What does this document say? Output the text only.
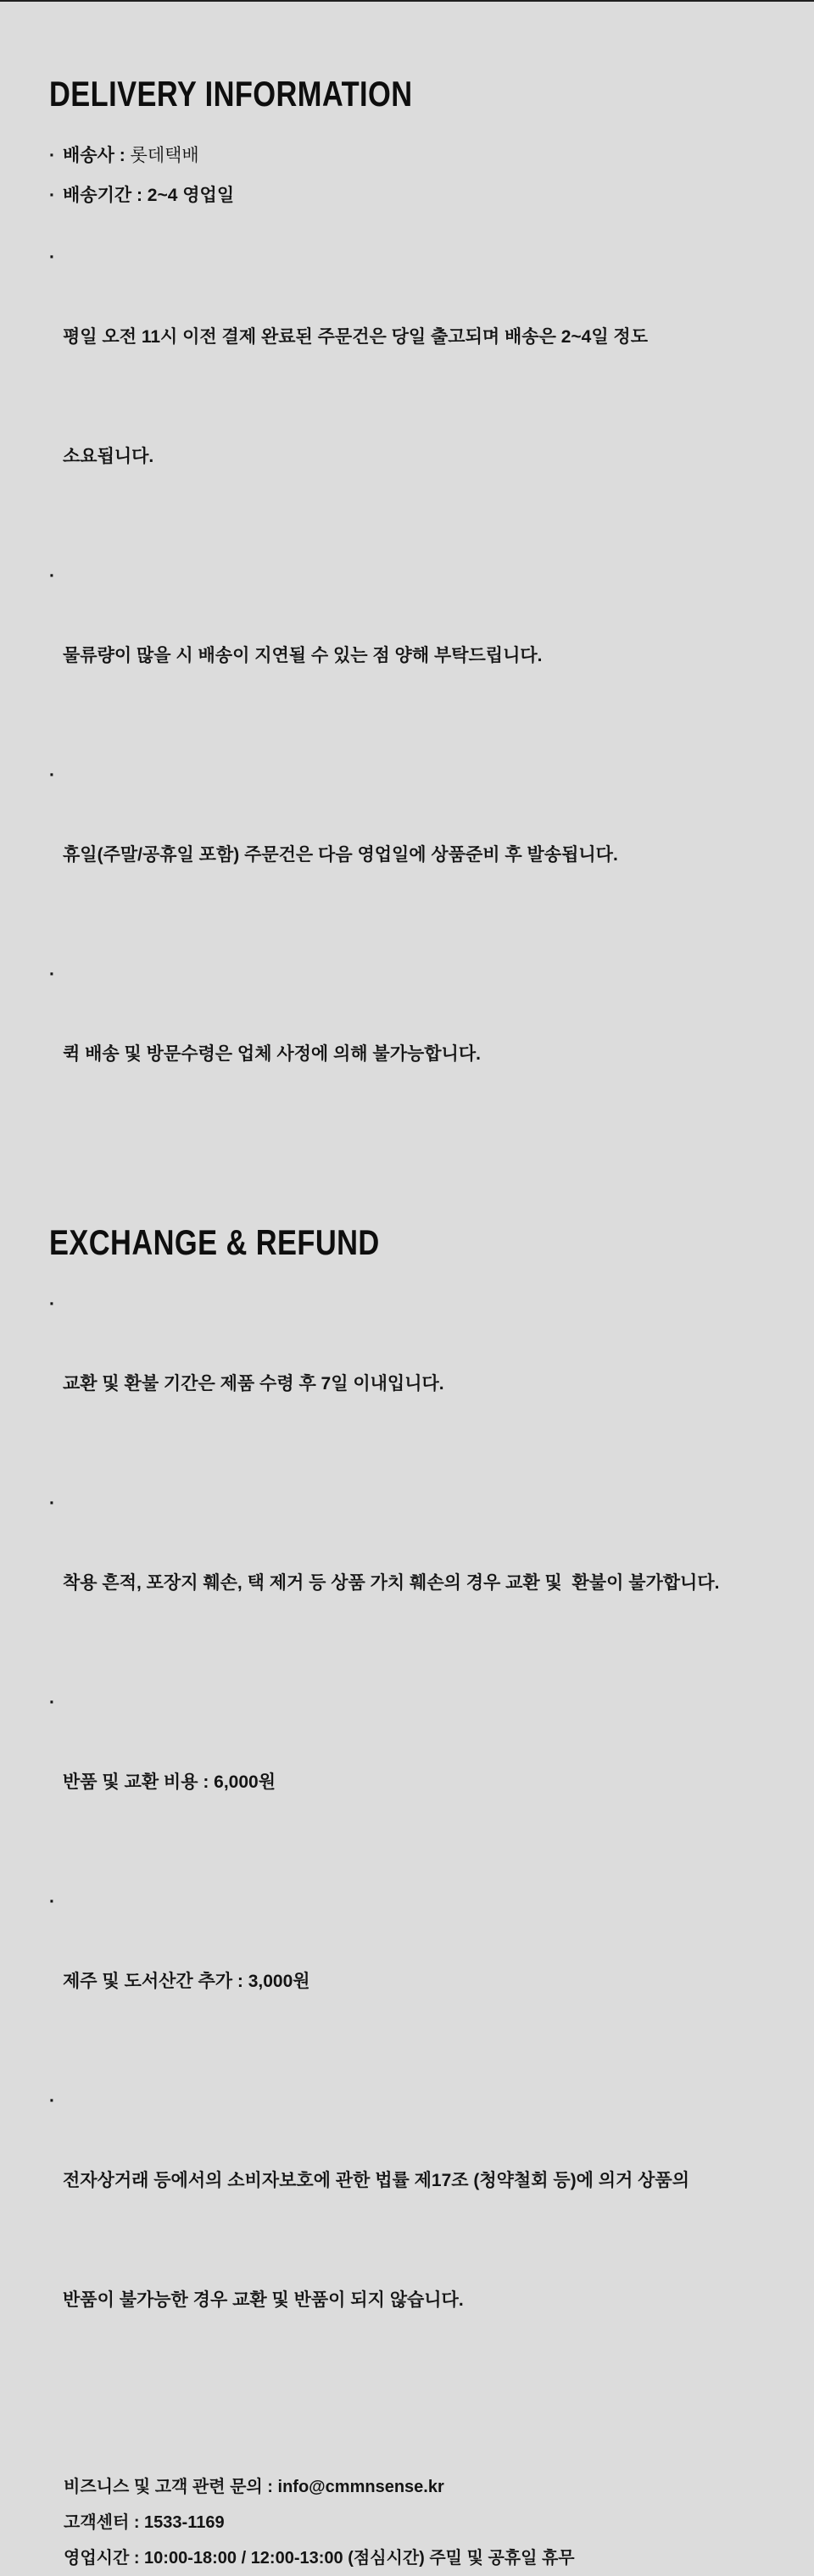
DELIVERY INFORMATION
· 배송사 : 롯데택배
· 배송기간 : 2~4 영업일
·

평일 오전 11시 이전 결제 완료된 주문건은 당일 출고되며 배송은 2~4일 정도

소요됩니다.

·

물류량이 많을 시 배송이 지연될 수 있는 점 양해 부탁드립니다.

·

휴일(주말/공휴일 포함) 주문건은 다음 영업일에 상품준비 후 발송됩니다.

·

퀵 배송 및 방문수령은 업체 사정에 의해 불가능합니다.

EXCHANGE & REFUND
·

교환 및 환불 기간은 제품 수령 후 7일 이내입니다.

·

착용 흔적, 포장지 훼손, 택 제거 등 상품 가치 훼손의 경우 교환 및  환불이 불가합니다.

·

반품 및 교환 비용 : 6,000원

·

제주 및 도서산간 추가 : 3,000원

·

전자상거래 등에서의 소비자보호에 관한 법률 제17조 (청약철회 등)에 의거 상품의

반품이 불가능한 경우 교환 및 반품이 되지 않습니다.

비즈니스 및 고객 관련 문의 : info@cmmnsense.kr
고객센터 : 1533-1169
영업시간 : 10:00-18:00 / 12:00-13:00 (점심시간) 주밀 및 공휴일 휴무
